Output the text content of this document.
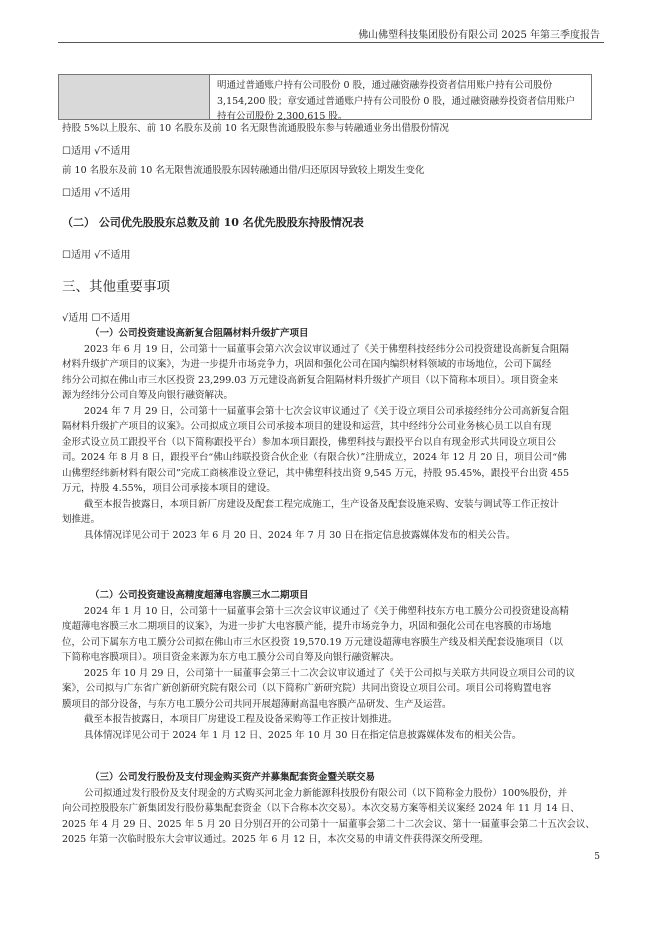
佛山佛塑科技集团股份有限公司 2025 年第三季度报告
明通过普通账户持有公司股份 0 股，通过融资融券投资者信用账户持有公司股份
3,154,200 股；章安通过普通账户持有公司股份 0 股，通过融资融券投资者信用账户
持有公司股份 2,300,615 股。
持股 5%以上股东、前 10 名股东及前 10 名无限售流通股股东参与转融通业务出借股份情况
☐适用 √不适用
前 10 名股东及前 10 名无限售流通股股东因转融通出借/归还原因导致较上期发生变化
☐适用 √不适用
（二） 公司优先股股东总数及前 10 名优先股股东持股情况表
☐适用 √不适用
三、其他重要事项
√适用 ☐不适用
（一）公司投资建设高新复合阻隔材料升级扩产项目
2023 年 6 月 19 日，公司第十一届董事会第六次会议审议通过了《关于佛塑科技经纬分公司投资建设高新复合阻隔
材料升级扩产项目的议案》，为进一步提升市场竞争力，巩固和强化公司在国内编织材料领域的市场地位，公司下属经
纬分公司拟在佛山市三水区投资 23,299.03 万元建设高新复合阻隔材料升级扩产项目（以下简称本项目）。项目资金来
源为经纬分公司自筹及向银行融资解决。
2024 年 7 月 29 日，公司第十一届董事会第十七次会议审议通过了《关于设立项目公司承接经纬分公司高新复合阻
隔材料升级扩产项目的议案》。公司拟成立项目公司承接本项目的建设和运营，其中经纬分公司业务核心员工以自有现
金形式设立员工跟投平台（以下简称跟投平台）参加本项目跟投，佛塑科技与跟投平台以自有现金形式共同设立项目公
司。2024 年 8 月 8 日，跟投平台“佛山纬联投资合伙企业（有限合伙）”注册成立，2024 年 12 月 20 日，项目公司“佛
山佛塑经纬新材料有限公司”完成工商核准设立登记，其中佛塑科技出资 9,545 万元，持股 95.45%，跟投平台出资 455
万元，持股 4.55%，项目公司承接本项目的建设。
截至本报告披露日，本项目新厂房建设及配套工程完成施工，生产设备及配套设施采购、安装与调试等工作正按计
划推进。
具体情况详见公司于 2023 年 6 月 20 日、2024 年 7 月 30 日在指定信息披露媒体发布的相关公告。
（二）公司投资建设高精度超薄电容膜三水二期项目
2024 年 1 月 10 日，公司第十一届董事会第十三次会议审议通过了《关于佛塑科技东方电工膜分公司投资建设高精
度超薄电容膜三水二期项目的议案》，为进一步扩大电容膜产能，提升市场竞争力，巩固和强化公司在电容膜的市场地
位，公司下属东方电工膜分公司拟在佛山市三水区投资 19,570.19 万元建设超薄电容膜生产线及相关配套设施项目（以
下简称电容膜项目）。项目资金来源为东方电工膜分公司自筹及向银行融资解决。
2025 年 10 月 29 日，公司第十一届董事会第三十二次会议审议通过了《关于公司拟与关联方共同设立项目公司的议
案》，公司拟与广东省广新创新研究院有限公司（以下简称广新研究院）共同出资设立项目公司。项目公司将购置电容
膜项目的部分设备，与东方电工膜分公司共同开展超薄耐高温电容膜产品研发、生产及运营。
截至本报告披露日，本项目厂房建设工程及设备采购等工作正按计划推进。
具体情况详见公司于 2024 年 1 月 12 日、2025 年 10 月 30 日在指定信息披露媒体发布的相关公告。
（三）公司发行股份及支付现金购买资产并募集配套资金暨关联交易
公司拟通过发行股份及支付现金的方式购买河北金力新能源科技股份有限公司（以下简称金力股份）100%股份，并
向公司控股股东广新集团发行股份募集配套资金（以下合称本次交易）。本次交易方案等相关议案经 2024 年 11 月 14 日、
2025 年 4 月 29 日、2025 年 5 月 20 日分别召开的公司第十一届董事会第二十二次会议、第十一届董事会第二十五次会议、
2025 年第一次临时股东大会审议通过。2025 年 6 月 12 日，本次交易的申请文件获得深交所受理。
5
